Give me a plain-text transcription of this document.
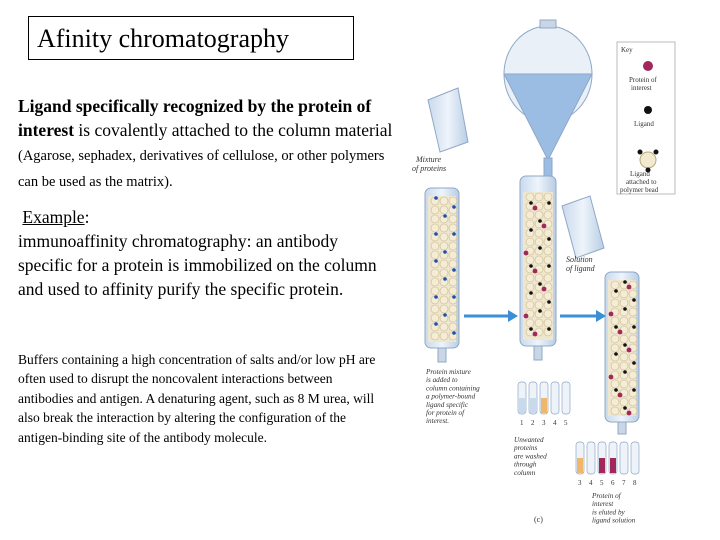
Afinity chromatography
Ligand specifically recognized by the protein of interest is covalently attached to the column material (Agarose, sephadex, derivatives of cellulose, or other polymers can be used as the matrix).
Example:
immunoaffinity chromatography: an antibody specific for a protein is immobilized on the column and used to affinity purify the specific protein.
Buffers containing a high concentration of salts and/or low pH are often used to disrupt the noncovalent interactions between antibodies and antigen. A denaturing agent, such as 8 M urea, will also break the interaction by altering the configuration of the antigen-binding site of the antibody molecule.
Mixture
of proteins
Solution
of ligand
Protein mixture
is added to
column containing
a polymer-bound
ligand specific
for protein of
interest.
Unwanted
proteins
are washed
through
column
Protein of
interest
is eluted by
ligand solution
1 2 3 4 5
3 4 5 6 7 8
Key
Protein of
interest
Ligand
Ligand
attached to
polymer bead
(c)
